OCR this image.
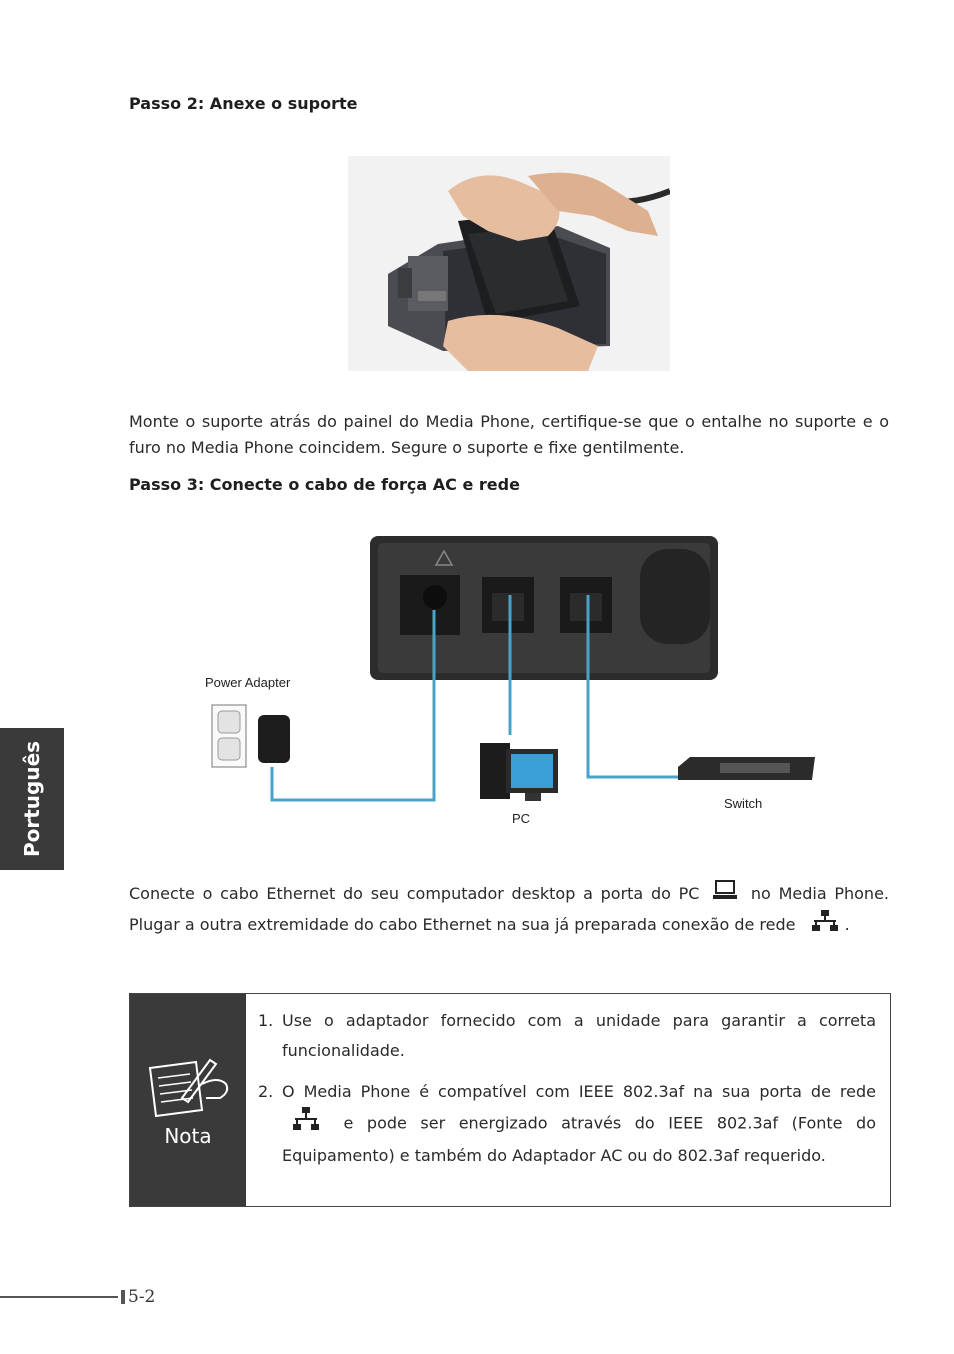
Português
Passo 2: Anexe o suporte
Monte o suporte atrás do painel do Media Phone, certifique-se que o entalhe no suporte e o furo no Media Phone coincidem. Segure o suporte e fixe gentilmente.
Passo 3: Conecte o cabo de força AC e rede
Power Adapter
PC
Switch
Conecte o cabo Ethernet do seu computador desktop a porta do PC	no Media Phone. Plugar a outra extremidade do cabo Ethernet na sua já preparada conexão de rede	.
Nota
1. Use o adaptador fornecido com a unidade para garantir a correta funcionalidade.
2. O Media Phone é compatível com IEEE 802.3af na sua porta de rede  e pode ser energizado através do IEEE 802.3af (Fonte do Equipamento) e também do Adaptador AC ou do 802.3af requerido.
5-2
